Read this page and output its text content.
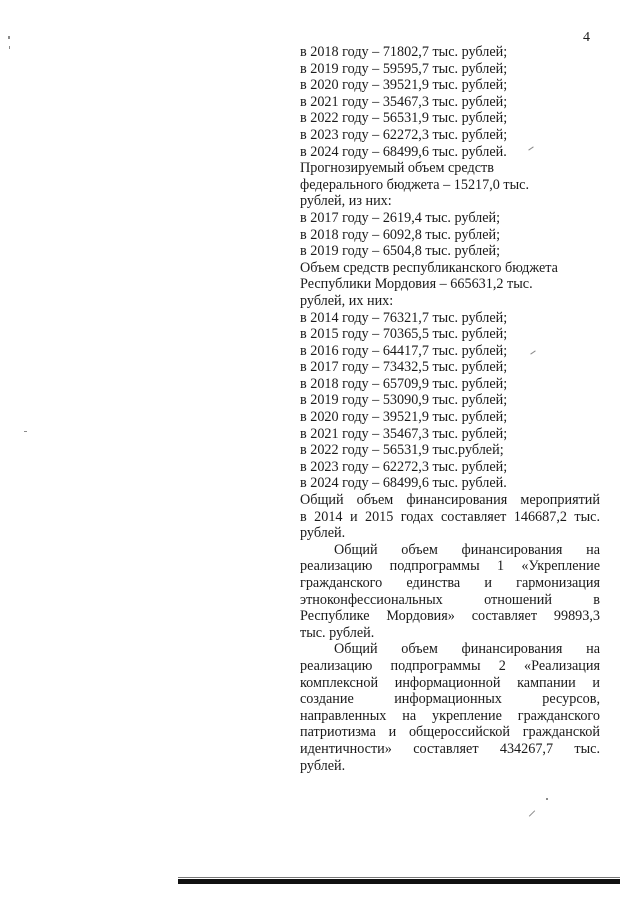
4
в 2018 году – 71802,7 тыс. рублей;
в 2019 году – 59595,7 тыс. рублей;
в 2020 году – 39521,9 тыс. рублей;
в 2021 году – 35467,3 тыс. рублей;
в 2022 году – 56531,9 тыс. рублей;
в 2023 году – 62272,3 тыс. рублей;
в 2024 году – 68499,6 тыс. рублей.
Прогнозируемый объем средств
федерального бюджета – 15217,0 тыс.
рублей, из них:
в 2017 году – 2619,4 тыс. рублей;
в 2018 году – 6092,8 тыс. рублей;
в 2019 году – 6504,8 тыс. рублей;
Объем средств республиканского бюджета
Республики Мордовия – 665631,2 тыс.
рублей, их них:
в 2014 году – 76321,7 тыс. рублей;
в 2015 году – 70365,5 тыс. рублей;
в 2016 году – 64417,7 тыс. рублей;
в 2017 году – 73432,5 тыс. рублей;
в 2018 году – 65709,9 тыс. рублей;
в 2019 году – 53090,9 тыс. рублей;
в 2020 году – 39521,9 тыс. рублей;
в 2021 году – 35467,3 тыс. рублей;
в 2022 году – 56531,9 тыс.рублей;
в 2023 году – 62272,3 тыс. рублей;
в 2024 году – 68499,6 тыс. рублей.
Общий объем финансирования мероприятий
в 2014 и 2015 годах составляет 146687,2 тыс.
рублей.
Общий объем финансирования на
реализацию подпрограммы 1 «Укрепление
гражданского единства и гармонизация
этноконфессиональных отношений в
Республике Мордовия» составляет 99893,3
тыс. рублей.
Общий объем финансирования на
реализацию подпрограммы 2 «Реализация
комплексной информационной кампании и
создание информационных ресурсов,
направленных на укрепление гражданского
патриотизма и общероссийской гражданской
идентичности» составляет 434267,7 тыс.
рублей.
